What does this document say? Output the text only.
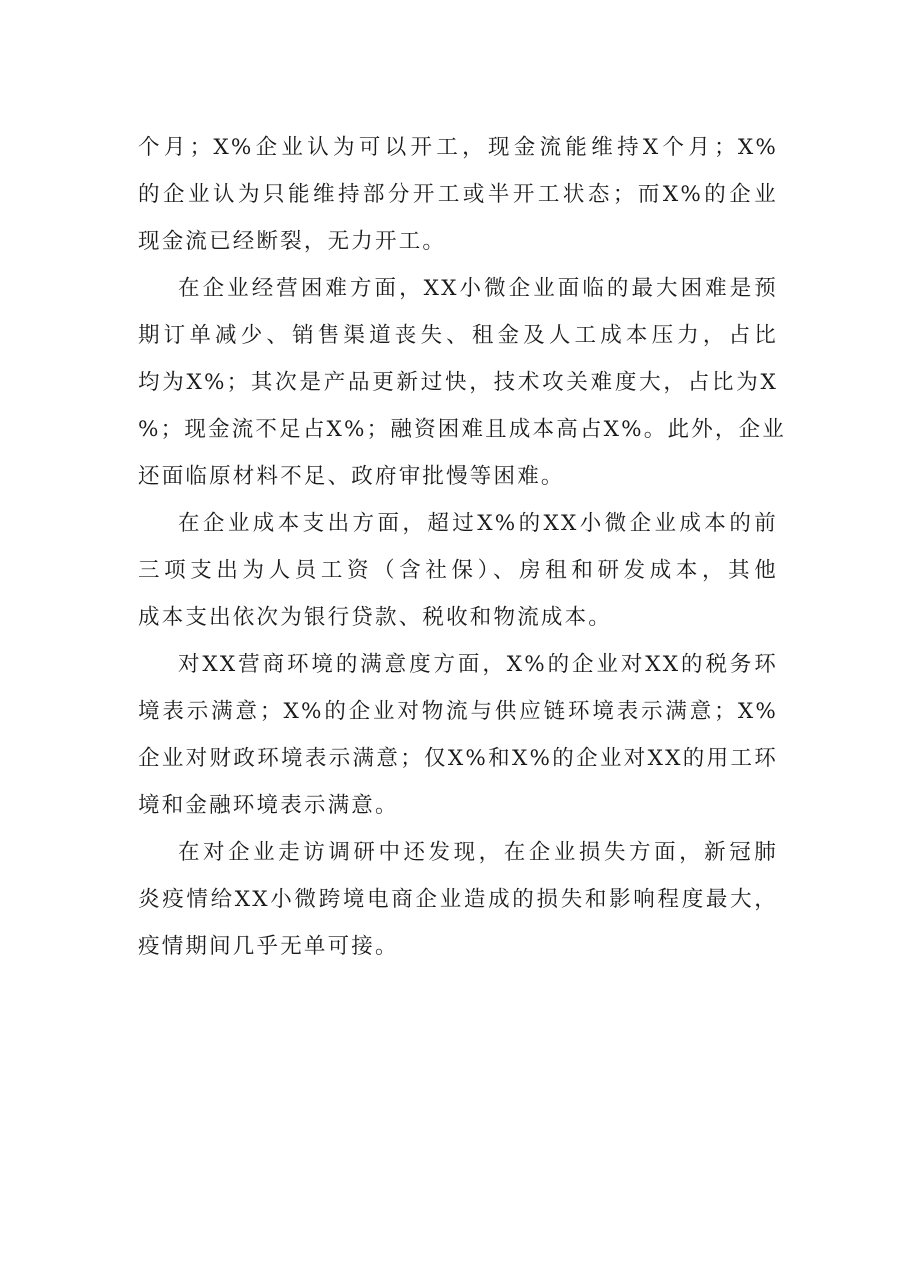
个月；X%企业认为可以开工，现金流能维持X个月；X%
的企业认为只能维持部分开工或半开工状态；而X%的企业
现金流已经断裂，无力开工。
在企业经营困难方面，XX小微企业面临的最大困难是预
期订单减少、销售渠道丧失、租金及人工成本压力，占比
均为X%；其次是产品更新过快，技术攻关难度大，占比为X
%；现金流不足占X%；融资困难且成本高占X%。此外，企业
还面临原材料不足、政府审批慢等困难。
在企业成本支出方面，超过X%的XX小微企业成本的前
三项支出为人员工资（含社保）、房租和研发成本，其他
成本支出依次为银行贷款、税收和物流成本。
对XX营商环境的满意度方面，X%的企业对XX的税务环
境表示满意；X%的企业对物流与供应链环境表示满意；X%
企业对财政环境表示满意；仅X%和X%的企业对XX的用工环
境和金融环境表示满意。
在对企业走访调研中还发现，在企业损失方面，新冠肺
炎疫情给XX小微跨境电商企业造成的损失和影响程度最大，
疫情期间几乎无单可接。
